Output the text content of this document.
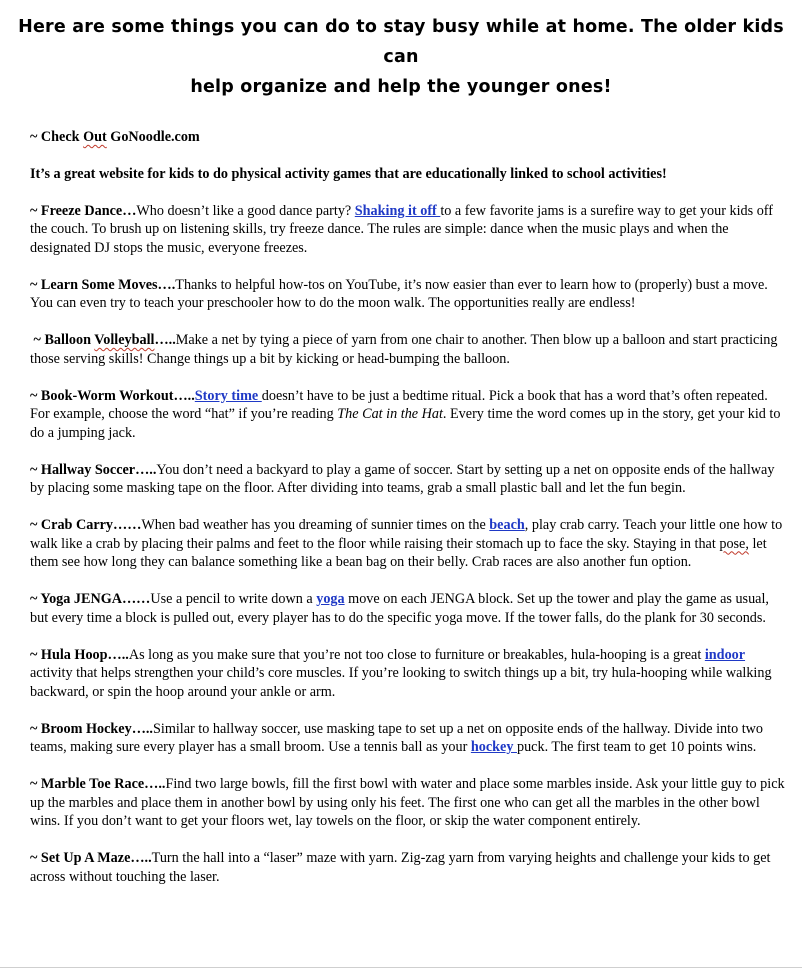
Here are some things you can do to stay busy while at home. The older kids can
help organize and help the younger ones!

~ Check Out GoNoodle.com

It’s a great website for kids to do physical activity games that are educationally linked to school activities!

~ Freeze Dance…Who doesn’t like a good dance party? Shaking it off to a few favorite jams is a surefire way to get your kids off the couch. To brush up on listening skills, try freeze dance. The rules are simple: dance when the music plays and when the designated DJ stops the music, everyone freezes.

~ Learn Some Moves….Thanks to helpful how-tos on YouTube, it’s now easier than ever to learn how to (properly) bust a move. You can even try to teach your preschooler how to do the moon walk. The opportunities really are endless!

~ Balloon Volleyball…..Make a net by tying a piece of yarn from one chair to another. Then blow up a balloon and start practicing those serving skills! Change things up a bit by kicking or head-bumping the balloon.

~ Book-Worm Workout…..Story time doesn’t have to be just a bedtime ritual. Pick a book that has a word that’s often repeated. For example, choose the word “hat” if you’re reading The Cat in the Hat. Every time the word comes up in the story, get your kid to do a jumping jack.

~ Hallway Soccer…..You don’t need a backyard to play a game of soccer. Start by setting up a net on opposite ends of the hallway by placing some masking tape on the floor. After dividing into teams, grab a small plastic ball and let the fun begin.

~ Crab Carry……When bad weather has you dreaming of sunnier times on the beach, play crab carry. Teach your little one how to walk like a crab by placing their palms and feet to the floor while raising their stomach up to face the sky. Staying in that pose, let them see how long they can balance something like a bean bag on their belly. Crab races are also another fun option.

~ Yoga JENGA……Use a pencil to write down a yoga move on each JENGA block. Set up the tower and play the game as usual, but every time a block is pulled out, every player has to do the specific yoga move. If the tower falls, do the plank for 30 seconds.

~ Hula Hoop…..As long as you make sure that you’re not too close to furniture or breakables, hula-hooping is a great indoor activity that helps strengthen your child’s core muscles. If you’re looking to switch things up a bit, try hula-hooping while walking backward, or spin the hoop around your ankle or arm.

~ Broom Hockey…..Similar to hallway soccer, use masking tape to set up a net on opposite ends of the hallway. Divide into two teams, making sure every player has a small broom. Use a tennis ball as your hockey puck. The first team to get 10 points wins.

~ Marble Toe Race…..Find two large bowls, fill the first bowl with water and place some marbles inside. Ask your little guy to pick up the marbles and place them in another bowl by using only his feet. The first one who can get all the marbles in the other bowl wins. If you don’t want to get your floors wet, lay towels on the floor, or skip the water component entirely.

~ Set Up A Maze…..Turn the hall into a “laser” maze with yarn. Zig-zag yarn from varying heights and challenge your kids to get across without touching the laser.
